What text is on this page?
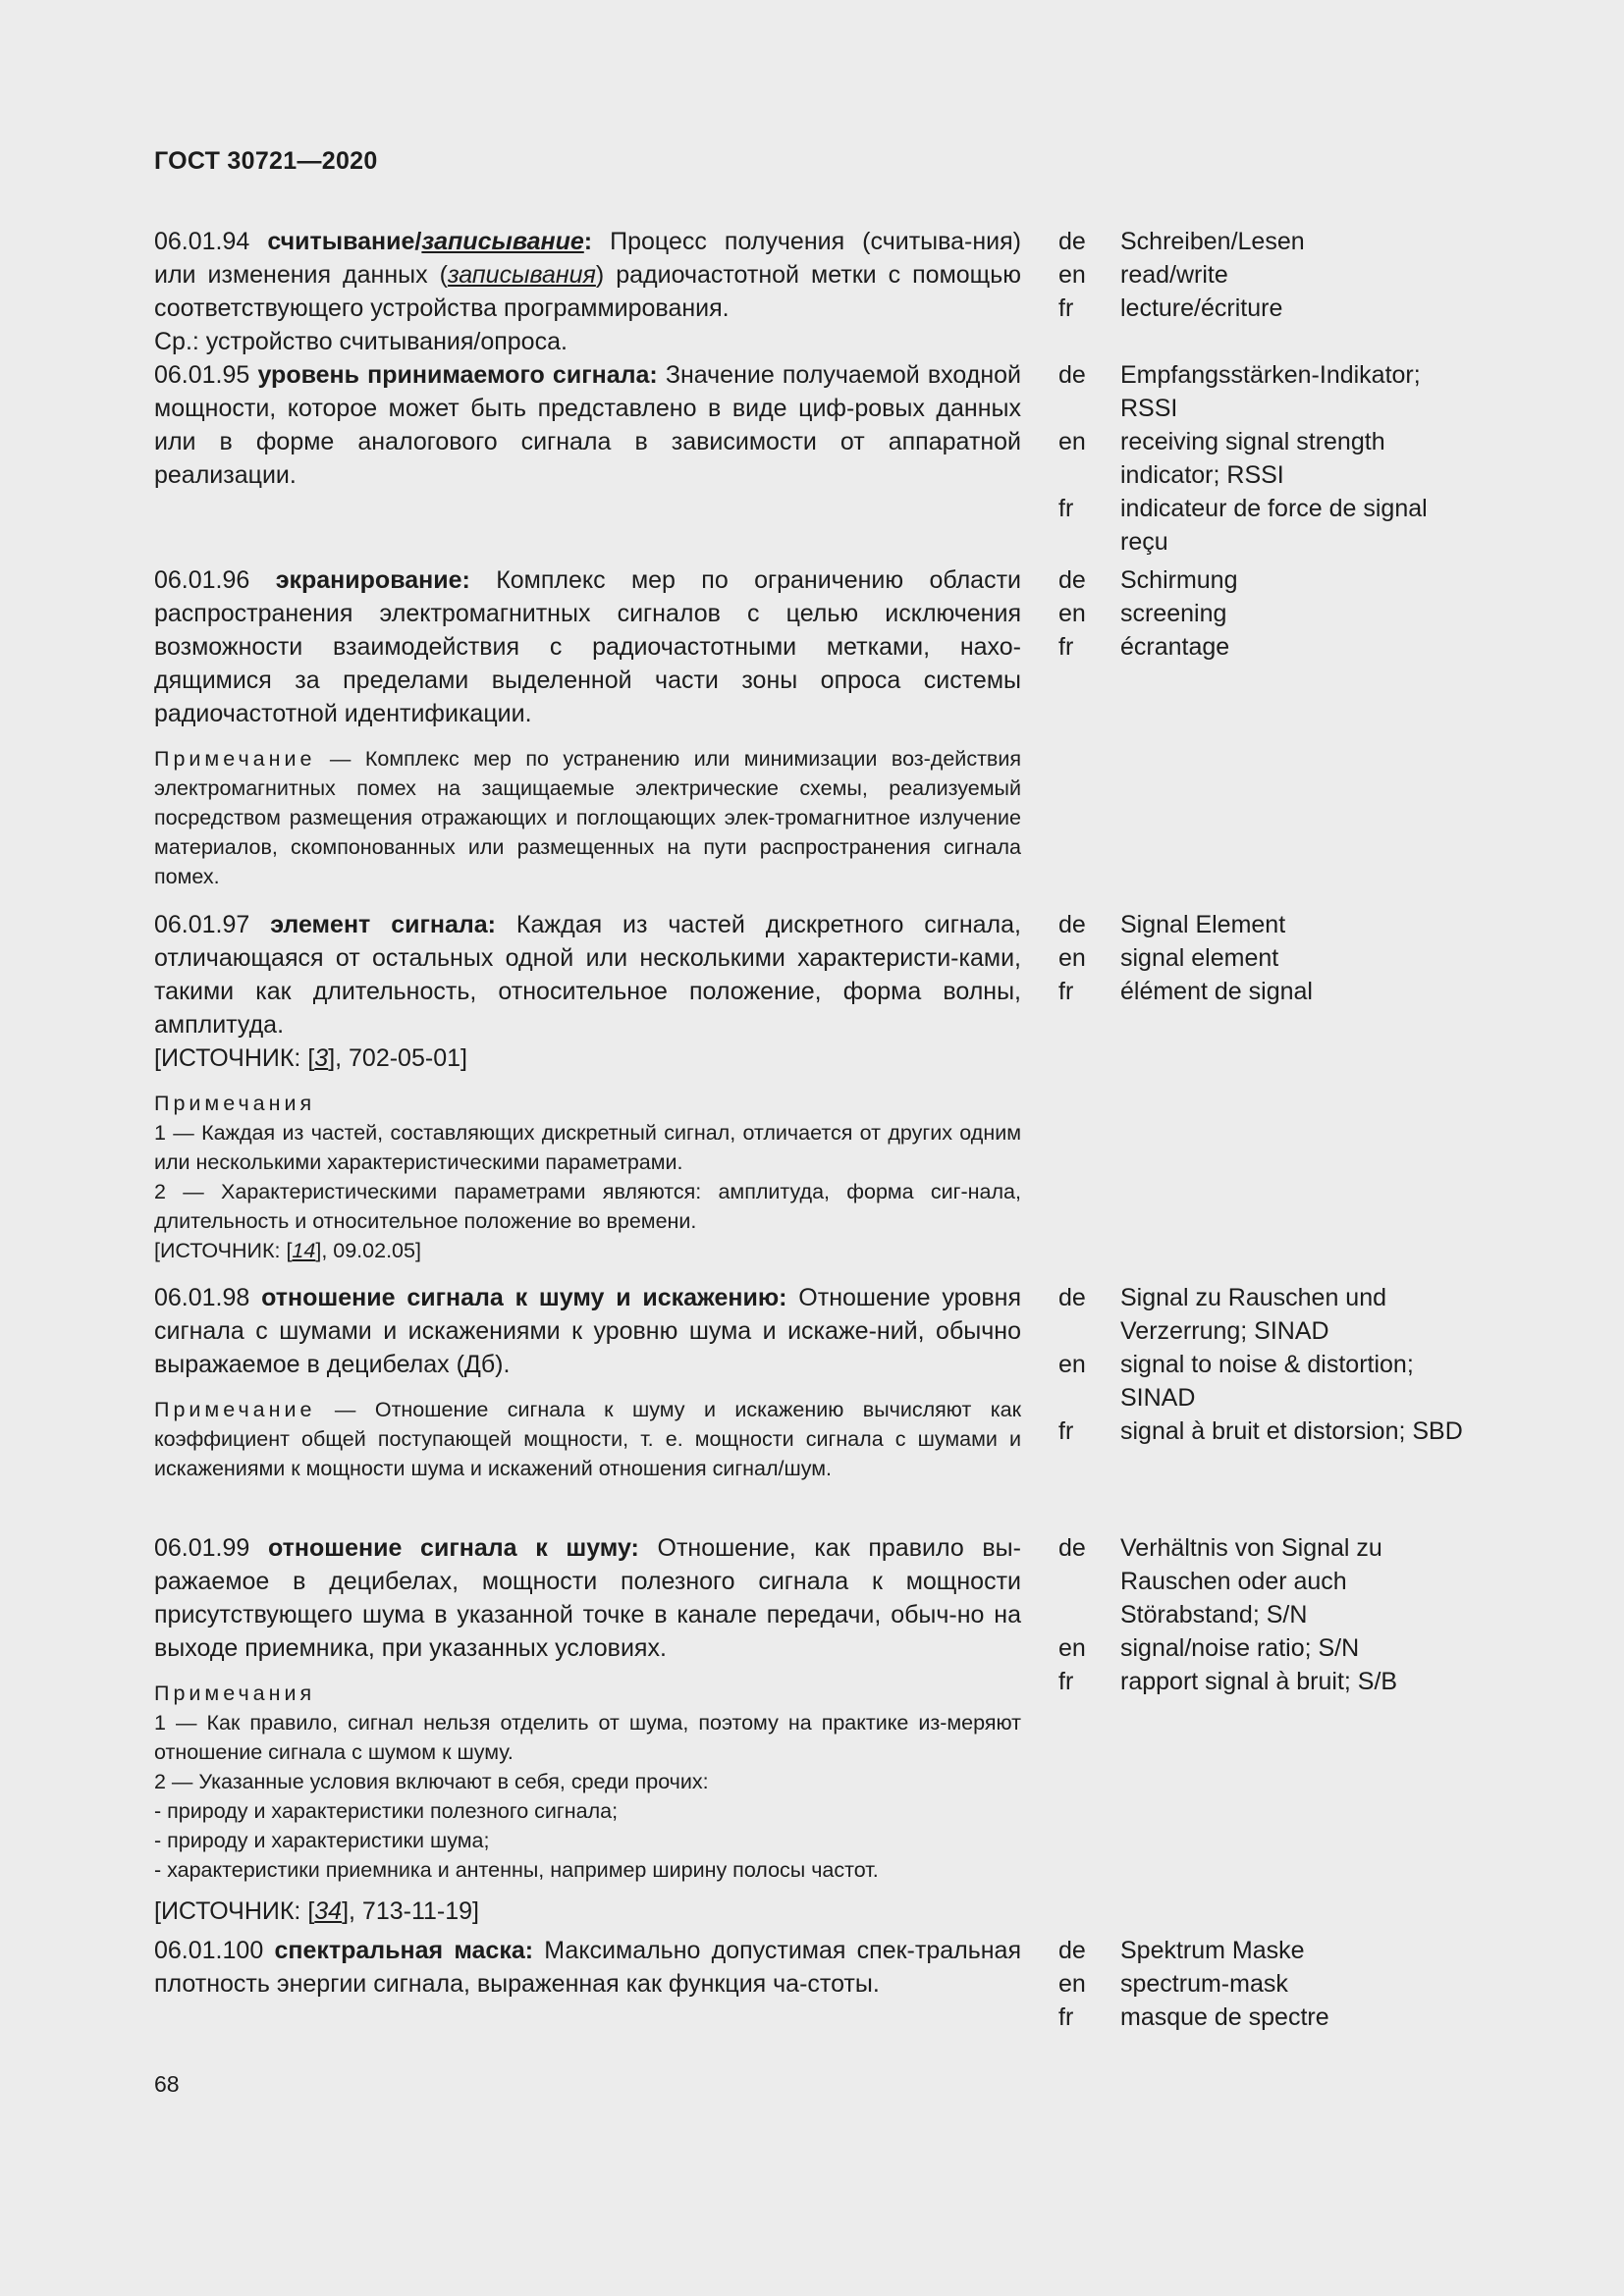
ГОСТ 30721—2020

06.01.94 считывание/записывание: Процесс получения (считыва-ния) или изменения данных (записывания) радиочастотной метки с помощью соответствующего устройства программирования.

Ср.: устройство считывания/опроса.

de	Schreiben/Lesen
en	read/write
fr	lecture/écriture

06.01.95 уровень принимаемого сигнала: Значение получаемой входной мощности, которое может быть представлено в виде циф-ровых данных или в форме аналогового сигнала в зависимости от аппаратной реализации.

de	Empfangsstärken-Indikator; RSSI
en	receiving signal strength indicator; RSSI
fr	indicateur de force de signal reçu

06.01.96 экранирование: Комплекс мер по ограничению области распространения электромагнитных сигналов с целью исключения возможности взаимодействия с радиочастотными метками, нахо-дящимися за пределами выделенной части зоны опроса системы радиочастотной идентификации.

Примечание — Комплекс мер по устранению или минимизации воз-действия электромагнитных помех на защищаемые электрические схемы, реализуемый посредством размещения отражающих и поглощающих элек-тромагнитное излучение материалов, скомпонованных или размещенных на пути распространения сигнала помех.
de	Schirmung
en	screening
fr	écrantage

06.01.97 элемент сигнала: Каждая из частей дискретного сигнала, отличающаяся от остальных одной или несколькими характеристи-ками, такими как длительность, относительное положение, форма волны, амплитуда.

[ИСТОЧНИК: [3], 702-05-01]

Примечания
1 — Каждая из частей, составляющих дискретный сигнал, отличается от других одним или несколькими характеристическими параметрами.
2 — Характеристическими параметрами являются: амплитуда, форма сиг-нала, длительность и относительное положение во времени.
[ИСТОЧНИК: [14], 09.02.05]
de	Signal Element
en	signal element
fr	élément de signal

06.01.98 отношение сигнала к шуму и искажению: Отношение уровня сигнала с шумами и искажениями к уровню шума и искаже-ний, обычно выражаемое в децибелах (Дб).

Примечание — Отношение сигнала к шуму и искажению вычисляют как коэффициент общей поступающей мощности, т. е. мощности сигнала с шумами и искажениями к мощности шума и искажений отношения сигнал/шум.
de	Signal zu Rauschen und Verzerrung; SINAD
en	signal to noise & distortion; SINAD
fr	signal à bruit et distorsion; SBD

06.01.99 отношение сигнала к шуму: Отношение, как правило вы-ражаемое в децибелах, мощности полезного сигнала к мощности присутствующего шума в указанной точке в канале передачи, обыч-но на выходе приемника, при указанных условиях.

Примечания
1 — Как правило, сигнал нельзя отделить от шума, поэтому на практике из-меряют отношение сигнала с шумом к шуму.
2 — Указанные условия включают в себя, среди прочих:
- природу и характеристики полезного сигнала;
- природу и характеристики шума;
- характеристики приемника и антенны, например ширину полосы частот.

[ИСТОЧНИК: [34], 713-11-19]

de	Verhältnis von Signal zu Rauschen oder auch Störabstand; S/N
en	signal/noise ratio; S/N
fr	rapport signal à bruit; S/B

06.01.100 спектральная маска: Максимально допустимая спек-тральная плотность энергии сигнала, выраженная как функция ча-стоты.

de	Spektrum Maske
en	spectrum-mask
fr	masque de spectre
68
